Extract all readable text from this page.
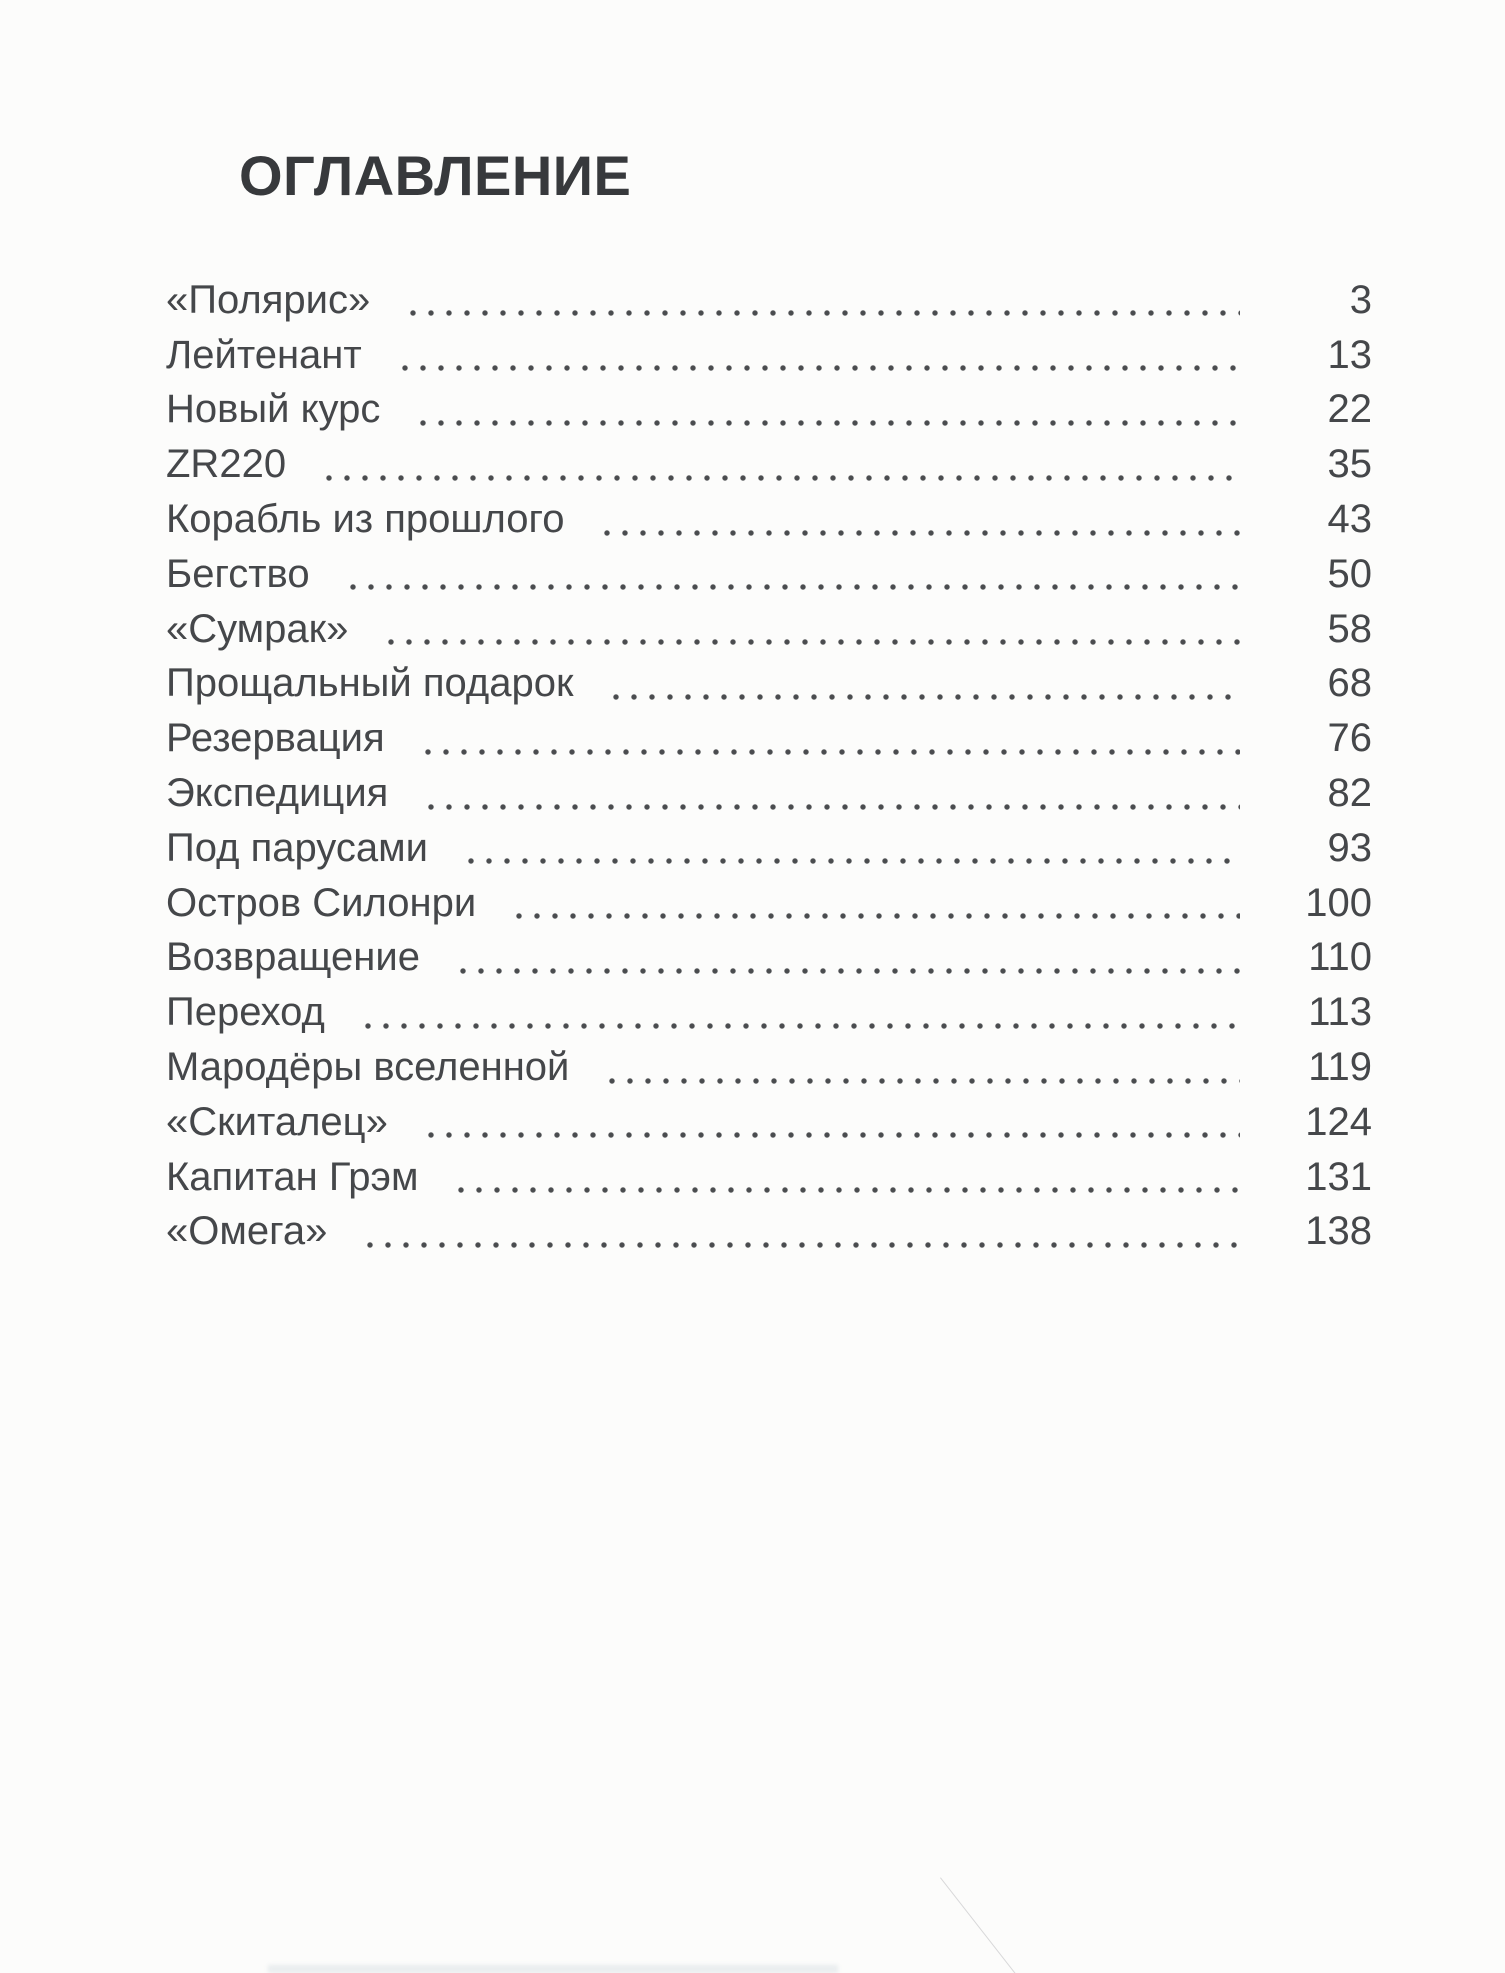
ОГЛАВЛЕНИЕ
«Полярис»	3
Лейтенант	13
Новый курс	22
ZR220	35
Корабль из прошлого	43
Бегство	50
«Сумрак»	58
Прощальный подарок	68
Резервация	76
Экспедиция	82
Под парусами	93
Остров Силонри	100
Возвращение	110
Переход	113
Мародёры вселенной	119
«Скиталец»	124
Капитан Грэм	131
«Омега»	138
